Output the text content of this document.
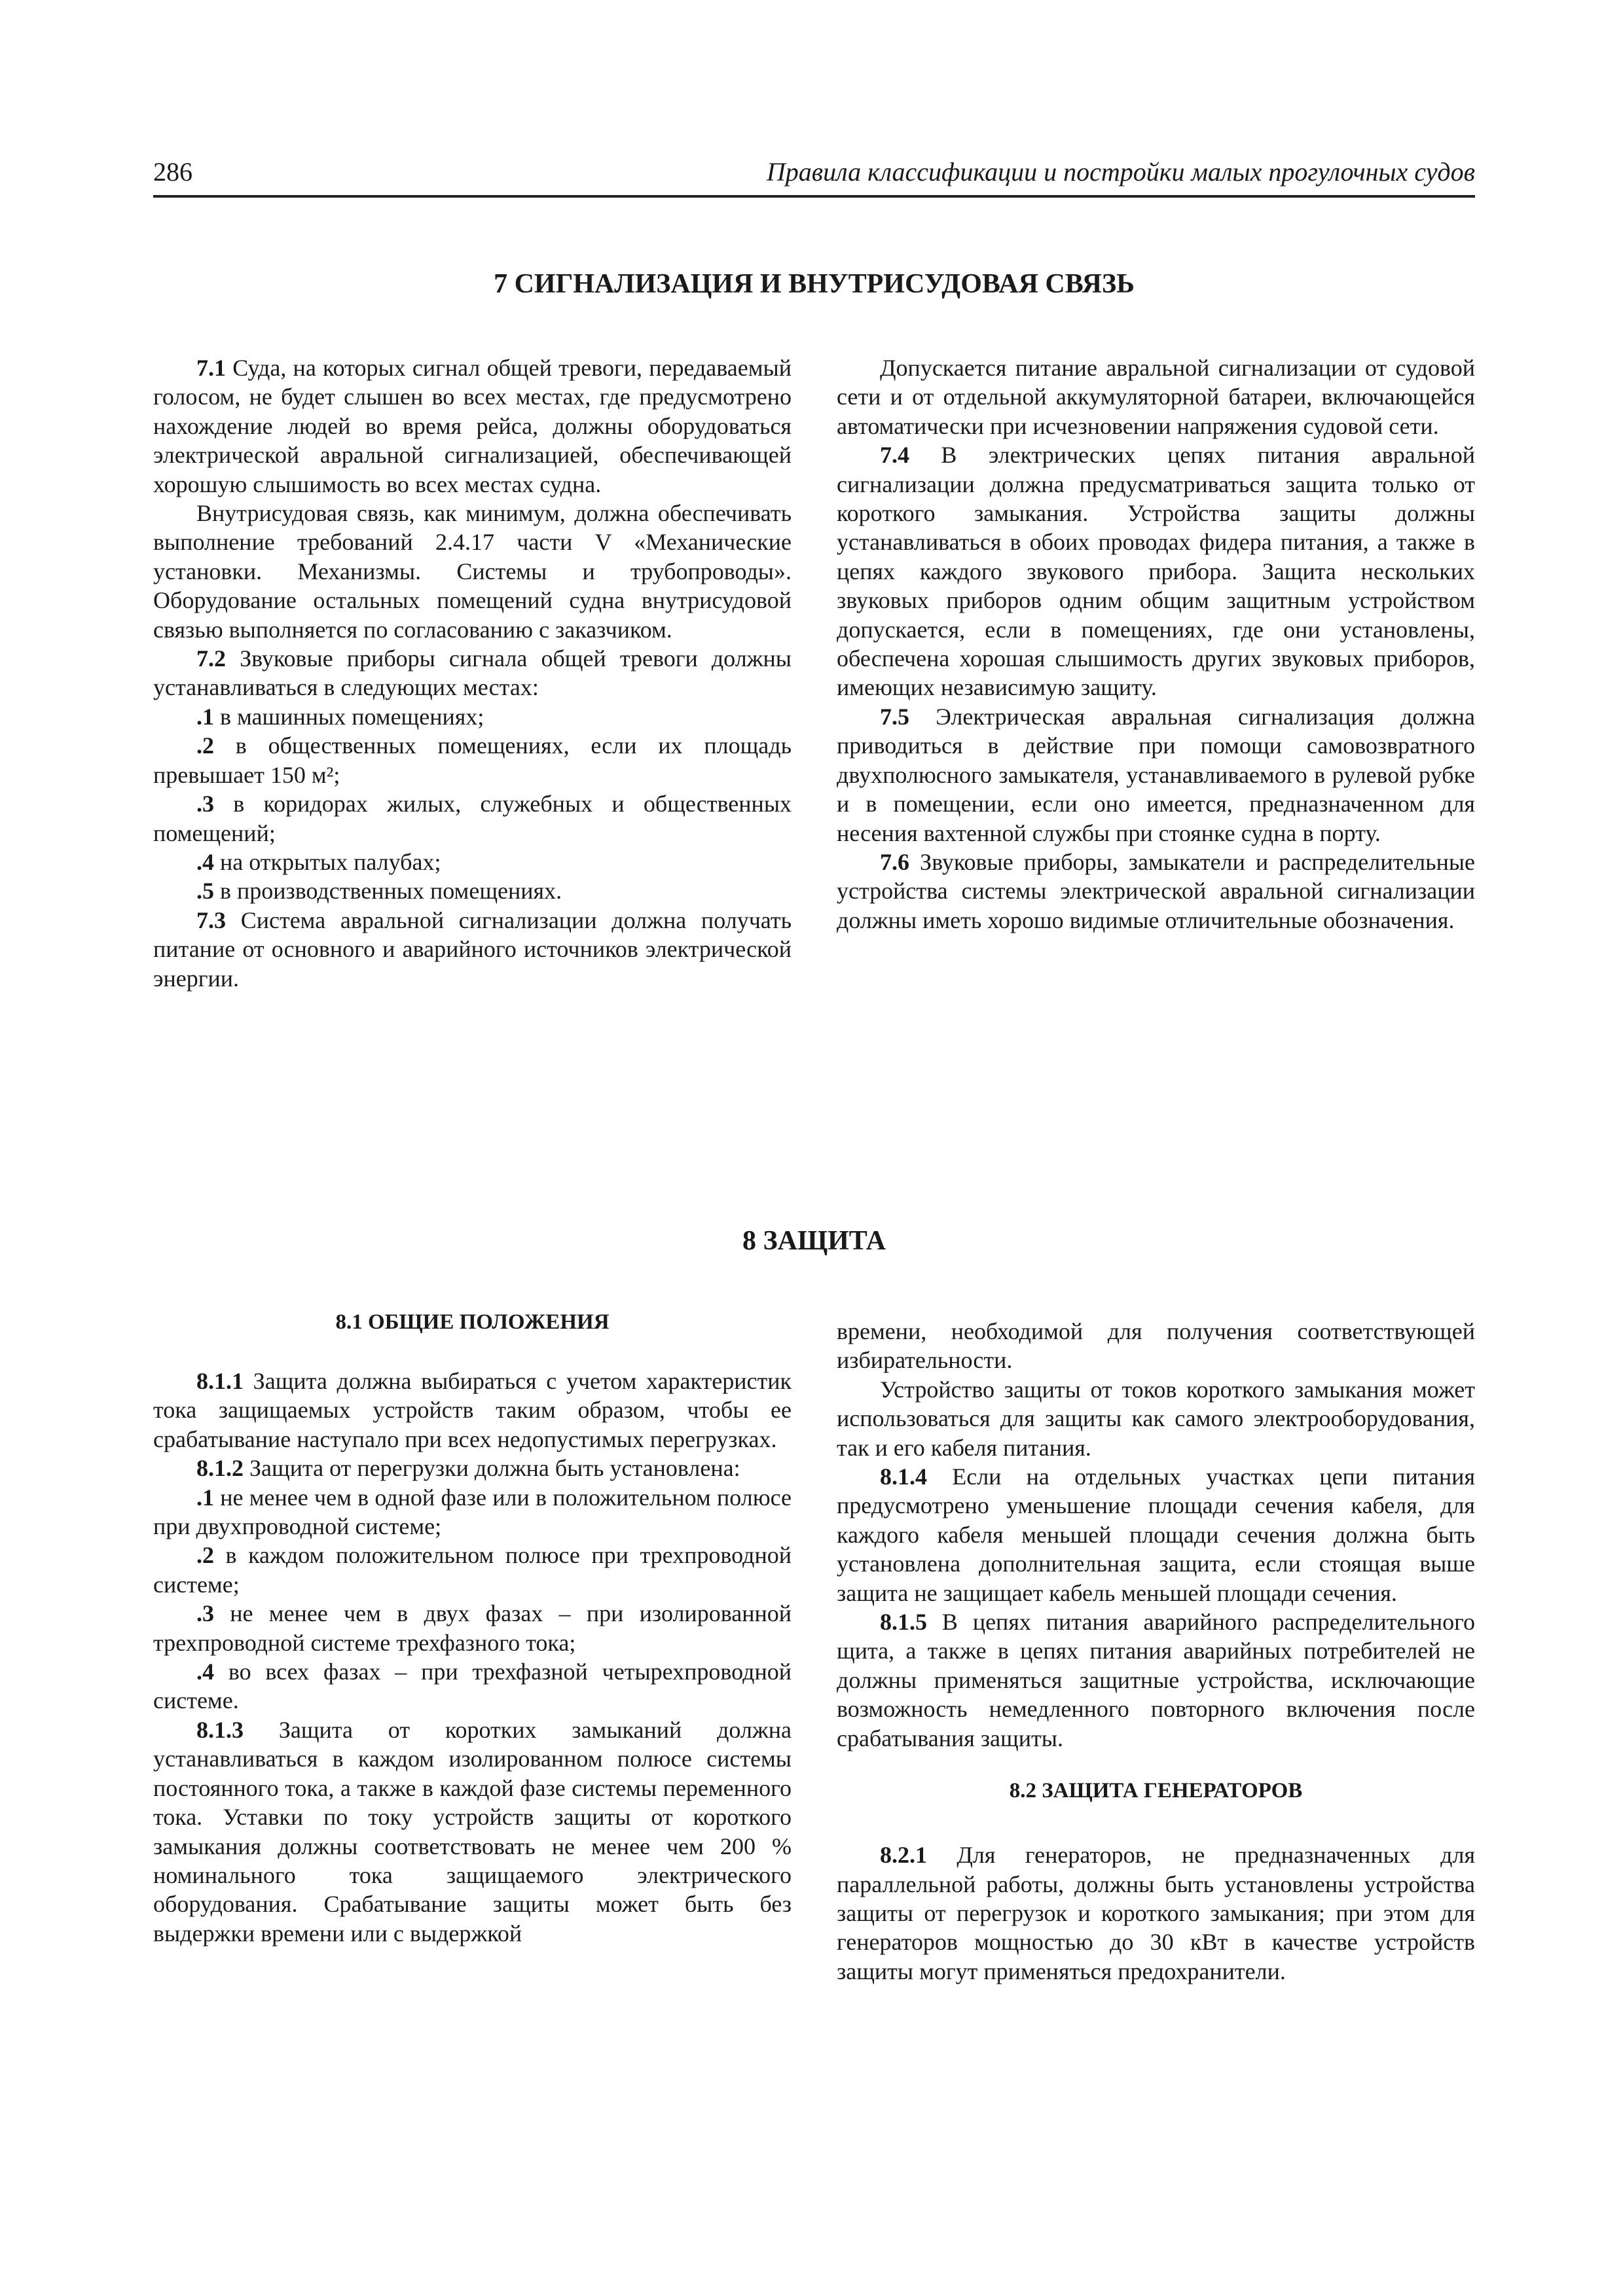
286	Правила классификации и постройки малых прогулочных судов
7 СИГНАЛИЗАЦИЯ И ВНУТРИСУДОВАЯ СВЯЗЬ

7.1 Суда, на которых сигнал общей тревоги, передаваемый голосом, не будет слышен во всех местах, где предусмотрено нахождение людей во время рейса, должны оборудоваться электрической авральной сигнализацией, обеспечивающей хорошую слышимость во всех местах судна.

Внутрисудовая связь, как минимум, должна обеспечивать выполнение требований 2.4.17 части V «Механические установки. Механизмы. Системы и трубопроводы». Оборудование остальных помещений судна внутрисудовой связью выполняется по согласованию с заказчиком.

7.2 Звуковые приборы сигнала общей тревоги должны устанавливаться в следующих местах:

.1 в машинных помещениях;

.2 в общественных помещениях, если их площадь превышает 150 м²;

.3 в коридорах жилых, служебных и общественных помещений;

.4 на открытых палубах;

.5 в производственных помещениях.

7.3 Система авральной сигнализации должна получать питание от основного и аварийного источников электрической энергии.

Допускается питание авральной сигнализации от судовой сети и от отдельной аккумуляторной батареи, включающейся автоматически при исчезновении напряжения судовой сети.

7.4 В электрических цепях питания авральной сигнализации должна предусматриваться защита только от короткого замыкания. Устройства защиты должны устанавливаться в обоих проводах фидера питания, а также в цепях каждого звукового прибора. Защита нескольких звуковых приборов одним общим защитным устройством допускается, если в помещениях, где они установлены, обеспечена хорошая слышимость других звуковых приборов, имеющих независимую защиту.

7.5 Электрическая авральная сигнализация должна приводиться в действие при помощи самовозвратного двухполюсного замыкателя, устанавливаемого в рулевой рубке и в помещении, если оно имеется, предназначенном для несения вахтенной службы при стоянке судна в порту.

7.6 Звуковые приборы, замыкатели и распределительные устройства системы электрической авральной сигнализации должны иметь хорошо видимые отличительные обозначения.

8 ЗАЩИТА

8.1 ОБЩИЕ ПОЛОЖЕНИЯ

8.1.1 Защита должна выбираться с учетом характеристик тока защищаемых устройств таким образом, чтобы ее срабатывание наступало при всех недопустимых перегрузках.

8.1.2 Защита от перегрузки должна быть установлена:

.1 не менее чем в одной фазе или в положительном полюсе при двухпроводной системе;

.2 в каждом положительном полюсе при трехпроводной системе;

.3 не менее чем в двух фазах – при изолированной трехпроводной системе трехфазного тока;

.4 во всех фазах – при трехфазной четырехпроводной системе.

8.1.3 Защита от коротких замыканий должна устанавливаться в каждом изолированном полюсе системы постоянного тока, а также в каждой фазе системы переменного тока. Уставки по току устройств защиты от короткого замыкания должны соответствовать не менее чем 200 % номинального тока защищаемого электрического оборудования. Срабатывание защиты может быть без выдержки времени или с выдержкой

времени, необходимой для получения соответствующей избирательности.

Устройство защиты от токов короткого замыкания может использоваться для защиты как самого электрооборудования, так и его кабеля питания.

8.1.4 Если на отдельных участках цепи питания предусмотрено уменьшение площади сечения кабеля, для каждого кабеля меньшей площади сечения должна быть установлена дополнительная защита, если стоящая выше защита не защищает кабель меньшей площади сечения.

8.1.5 В цепях питания аварийного распределительного щита, а также в цепях питания аварийных потребителей не должны применяться защитные устройства, исключающие возможность немедленного повторного включения после срабатывания защиты.

8.2 ЗАЩИТА ГЕНЕРАТОРОВ

8.2.1 Для генераторов, не предназначенных для параллельной работы, должны быть установлены устройства защиты от перегрузок и короткого замыкания; при этом для генераторов мощностью до 30 кВт в качестве устройств защиты могут применяться предохранители.
